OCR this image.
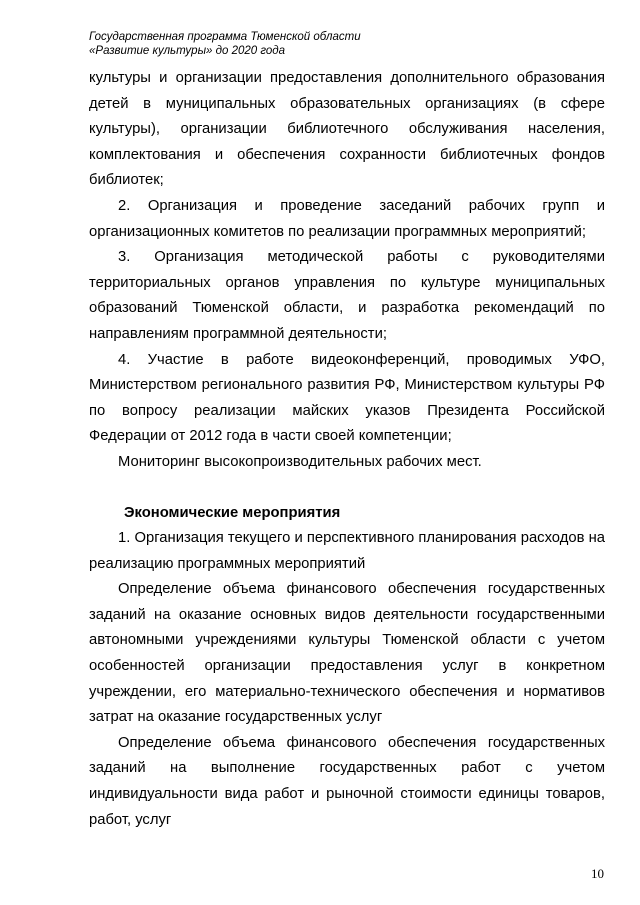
Государственная программа Тюменской области
«Развитие культуры» до 2020 года

культуры и организации предоставления дополнительного образования детей в муниципальных образовательных организациях (в сфере культуры), организации библиотечного обслуживания населения, комплектования и обеспечения сохранности библиотечных фондов библиотек;

2. Организация и проведение заседаний рабочих групп и организационных комитетов по реализации программных мероприятий;

3. Организация методической работы с руководителями территориальных органов управления по культуре муниципальных образований Тюменской области, и разработка рекомендаций по направлениям программной деятельности;

4. Участие в работе видеоконференций, проводимых УФО, Министерством регионального развития РФ, Министерством культуры РФ по вопросу реализации майских указов Президента Российской Федерации от 2012 года в части своей компетенции;

Мониторинг высокопроизводительных рабочих мест.

Экономические мероприятия

1. Организация текущего и перспективного планирования расходов на реализацию программных мероприятий

Определение объема финансового обеспечения государственных заданий на оказание основных видов деятельности государственными автономными учреждениями культуры Тюменской области с учетом особенностей организации предоставления услуг в конкретном учреждении, его материально-технического обеспечения и нормативов затрат на оказание государственных услуг

Определение объема финансового обеспечения государственных заданий на выполнение государственных работ с учетом индивидуальности вида работ и рыночной стоимости единицы товаров, работ, услуг

10
